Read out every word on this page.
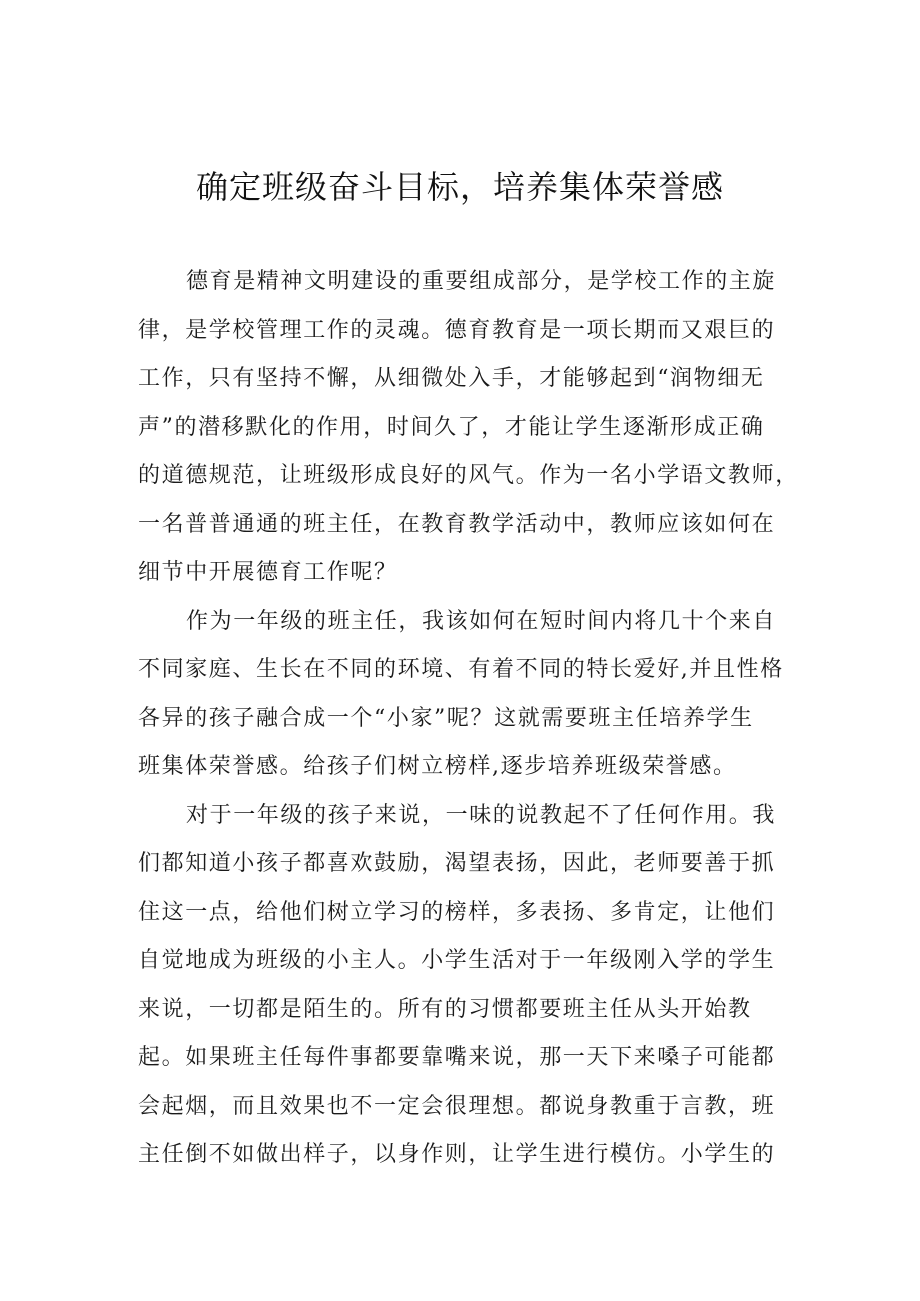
确定班级奋斗目标，培养集体荣誉感
德育是精神文明建设的重要组成部分，是学校工作的主旋
律，是学校管理工作的灵魂。德育教育是一项长期而又艰巨的
工作，只有坚持不懈，从细微处入手，才能够起到“润物细无
声”的潜移默化的作用，时间久了，才能让学生逐渐形成正确
的道德规范，让班级形成良好的风气。作为一名小学语文教师，
一名普普通通的班主任，在教育教学活动中，教师应该如何在
细节中开展德育工作呢？
作为一年级的班主任，我该如何在短时间内将几十个来自
不同家庭、生长在不同的环境、有着不同的特长爱好,并且性格
各异的孩子融合成一个“小家”呢？这就需要班主任培养学生
班集体荣誉感。给孩子们树立榜样,逐步培养班级荣誉感。
对于一年级的孩子来说，一味的说教起不了任何作用。我
们都知道小孩子都喜欢鼓励，渴望表扬，因此，老师要善于抓
住这一点，给他们树立学习的榜样，多表扬、多肯定，让他们
自觉地成为班级的小主人。小学生活对于一年级刚入学的学生
来说，一切都是陌生的。所有的习惯都要班主任从头开始教
起。如果班主任每件事都要靠嘴来说，那一天下来嗓子可能都
会起烟，而且效果也不一定会很理想。都说身教重于言教，班
主任倒不如做出样子，以身作则，让学生进行模仿。小学生的
